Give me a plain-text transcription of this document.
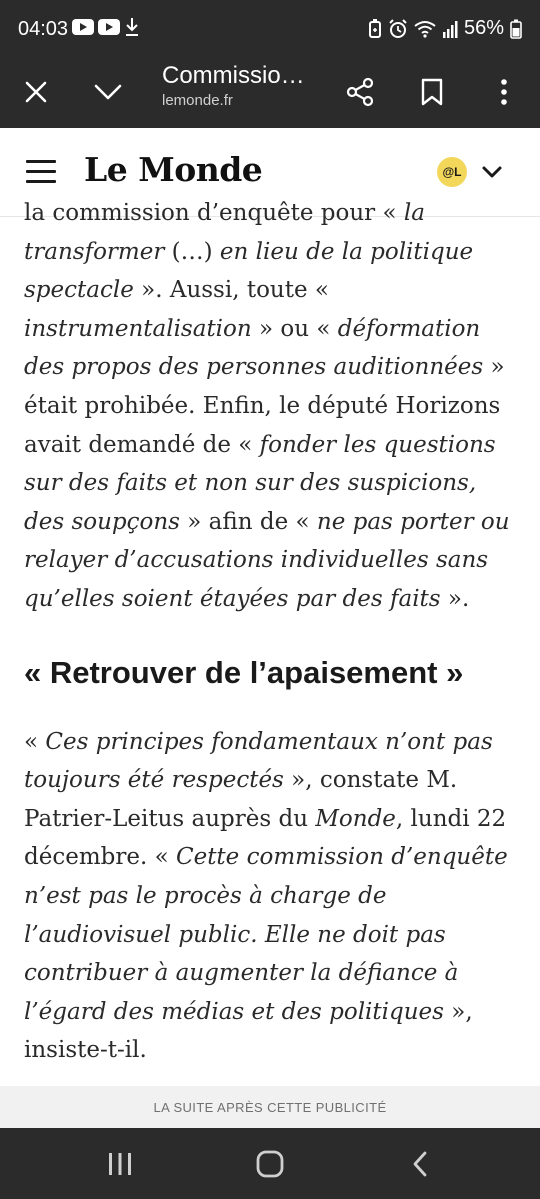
04:03	56%
Commissio…
lemonde.fr
Le Monde	@L

la commission d’enquête pour « la transformer (…) en lieu de la politique spectacle ». Aussi, toute « instrumentalisation » ou « déformation des propos des personnes auditionnées » était prohibée. Enfin, le député Horizons avait demandé de « fonder les questions sur des faits et non sur des suspicions, des soupçons » afin de « ne pas porter ou relayer d’accusations individuelles sans qu’elles soient étayées par des faits ».

« Retrouver de l’apaisement »

« Ces principes fondamentaux n’ont pas toujours été respectés », constate M. Patrier-Leitus auprès du Monde, lundi 22 décembre. « Cette commission d’enquête n’est pas le procès à charge de l’audiovisuel public. Elle ne doit pas contribuer à augmenter la défiance à l’égard des médias et des politiques », insiste-t-il.

LA SUITE APRÈS CETTE PUBLICITÉ
